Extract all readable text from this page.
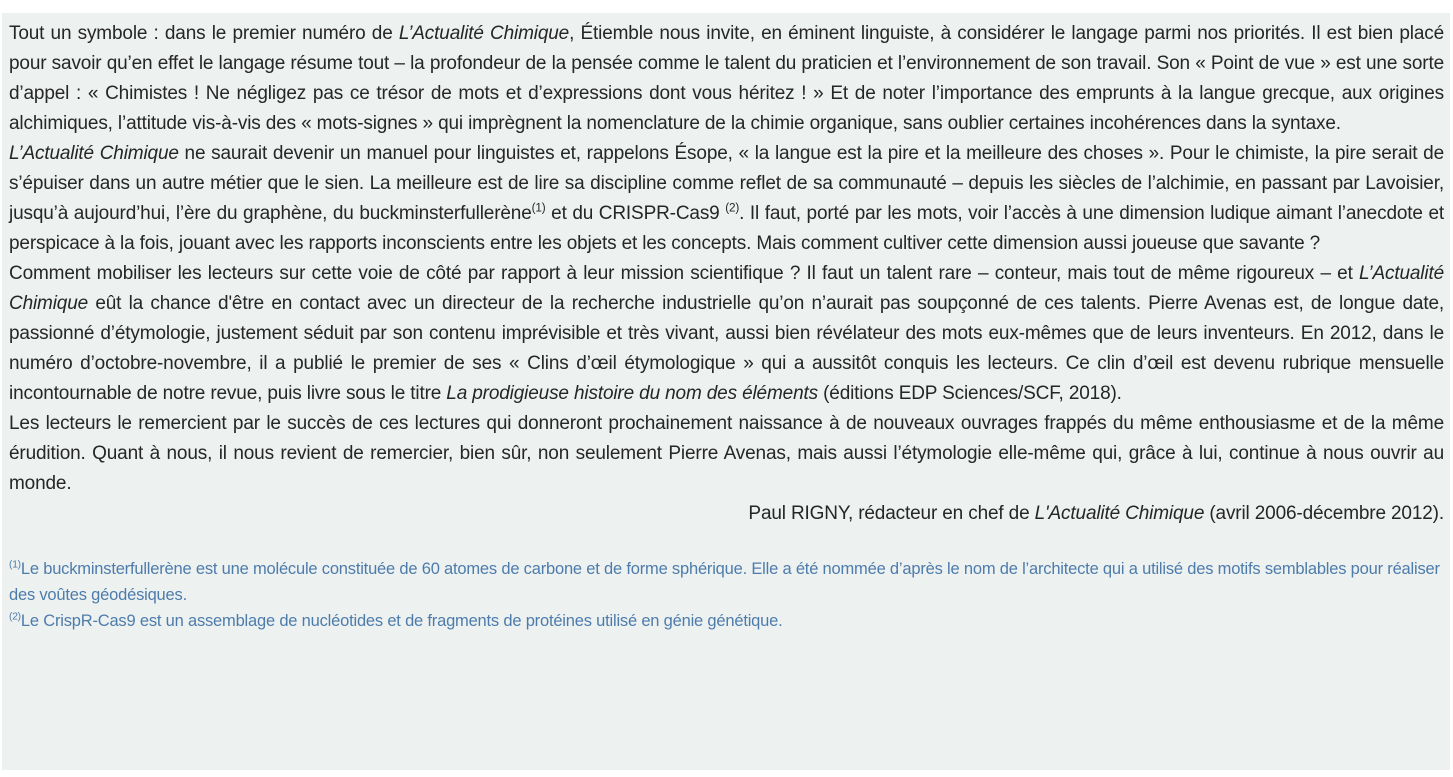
Tout un symbole : dans le premier numéro de L’Actualité Chimique, Étiemble nous invite, en éminent linguiste, à considérer le langage parmi nos priorités. Il est bien placé pour savoir qu’en effet le langage résume tout – la profondeur de la pensée comme le talent du praticien et l’environnement de son travail. Son « Point de vue » est une sorte d’appel : « Chimistes ! Ne négligez pas ce trésor de mots et d’expressions dont vous héritez ! » Et de noter l’importance des emprunts à la langue grecque, aux origines alchimiques, l’attitude vis-à-vis des « mots-signes » qui imprègnent la nomenclature de la chimie organique, sans oublier certaines incohérences dans la syntaxe.

L’Actualité Chimique ne saurait devenir un manuel pour linguistes et, rappelons Ésope, « la langue est la pire et la meilleure des choses ». Pour le chimiste, la pire serait de s’épuiser dans un autre métier que le sien. La meilleure est de lire sa discipline comme reflet de sa communauté – depuis les siècles de l’alchimie, en passant par Lavoisier, jusqu’à aujourd’hui, l’ère du graphène, du buckminsterfullerène$^{(1)}$ et du CRISPR-Cas9 $^{(2)}$. Il faut, porté par les mots, voir l’accès à une dimension ludique aimant l’anecdote et perspicace à la fois, jouant avec les rapports inconscients entre les objets et les concepts. Mais comment cultiver cette dimension aussi joueuse que savante ?

Comment mobiliser les lecteurs sur cette voie de côté par rapport à leur mission scientifique ? Il faut un talent rare – conteur, mais tout de même rigoureux – et L’Actualité Chimique eût la chance d'être en contact avec un directeur de la recherche industrielle qu’on n’aurait pas soupçonné de ces talents. Pierre Avenas est, de longue date, passionné d’étymologie, justement séduit par son contenu imprévisible et très vivant, aussi bien révélateur des mots eux-mêmes que de leurs inventeurs. En 2012, dans le numéro d’octobre-novembre, il a publié le premier de ses « Clins d’œil étymologique » qui a aussitôt conquis les lecteurs. Ce clin d’œil est devenu rubrique mensuelle incontournable de notre revue, puis livre sous le titre La prodigieuse histoire du nom des éléments (éditions EDP Sciences/SCF, 2018).

Les lecteurs le remercient par le succès de ces lectures qui donneront prochainement naissance à de nouveaux ouvrages frappés du même enthousiasme et de la même érudition. Quant à nous, il nous revient de remercier, bien sûr, non seulement Pierre Avenas, mais aussi l’étymologie elle-même qui, grâce à lui, continue à nous ouvrir au monde.

Paul RIGNY, rédacteur en chef de L'Actualité Chimique (avril 2006-décembre 2012).

$^{(1)}$Le buckminsterfullerène est une molécule constituée de 60 atomes de carbone et de forme sphérique. Elle a été nommée d’après le nom de l’architecte qui a utilisé des motifs semblables pour réaliser des voûtes géodésiques.

$^{(2)}$Le CrispR-Cas9 est un assemblage de nucléotides et de fragments de protéines utilisé en génie génétique.
